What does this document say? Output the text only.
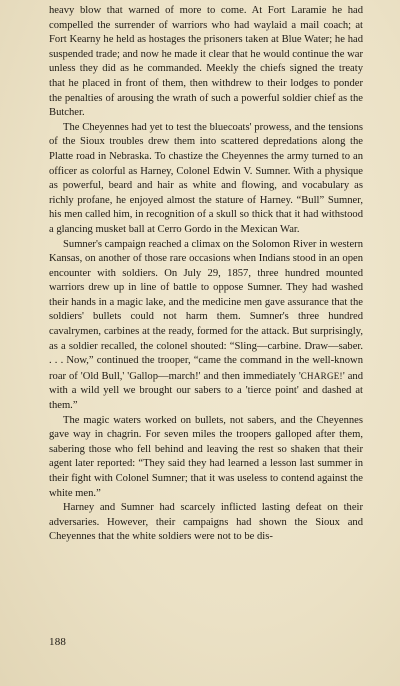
heavy blow that warned of more to come. At Fort Laramie he had compelled the surrender of warriors who had waylaid a mail coach; at Fort Kearny he held as hostages the prisoners taken at Blue Water; he had suspended trade; and now he made it clear that he would continue the war unless they did as he commanded. Meekly the chiefs signed the treaty that he placed in front of them, then withdrew to their lodges to ponder the penalties of arousing the wrath of such a powerful soldier chief as the Butcher.

The Cheyennes had yet to test the bluecoats' prowess, and the tensions of the Sioux troubles drew them into scattered depredations along the Platte road in Nebraska. To chastize the Cheyennes the army turned to an officer as colorful as Harney, Colonel Edwin V. Sumner. With a physique as powerful, beard and hair as white and flowing, and vocabulary as richly profane, he enjoyed almost the stature of Harney. “Bull” Sumner, his men called him, in recognition of a skull so thick that it had withstood a glancing musket ball at Cerro Gordo in the Mexican War.

Sumner's campaign reached a climax on the Solomon River in western Kansas, on another of those rare occasions when Indians stood in an open encounter with soldiers. On July 29, 1857, three hundred mounted warriors drew up in line of battle to oppose Sumner. They had washed their hands in a magic lake, and the medicine men gave assurance that the soldiers' bullets could not harm them. Sumner's three hundred cavalrymen, carbines at the ready, formed for the attack. But surprisingly, as a soldier recalled, the colonel shouted: “Sling—carbine. Draw—saber. . . . Now,” continued the trooper, “came the command in the well-known roar of 'Old Bull,' 'Gallop—march!' and then immediately 'CHARGE!' and with a wild yell we brought our sabers to a 'tierce point' and dashed at them.”

The magic waters worked on bullets, not sabers, and the Cheyennes gave way in chagrin. For seven miles the troopers galloped after them, sabering those who fell behind and leaving the rest so shaken that their agent later reported: “They said they had learned a lesson last summer in their fight with Colonel Sumner; that it was useless to contend against the white men.”

Harney and Sumner had scarcely inflicted lasting defeat on their adversaries. However, their campaigns had shown the Sioux and Cheyennes that the white soldiers were not to be dis-

188
